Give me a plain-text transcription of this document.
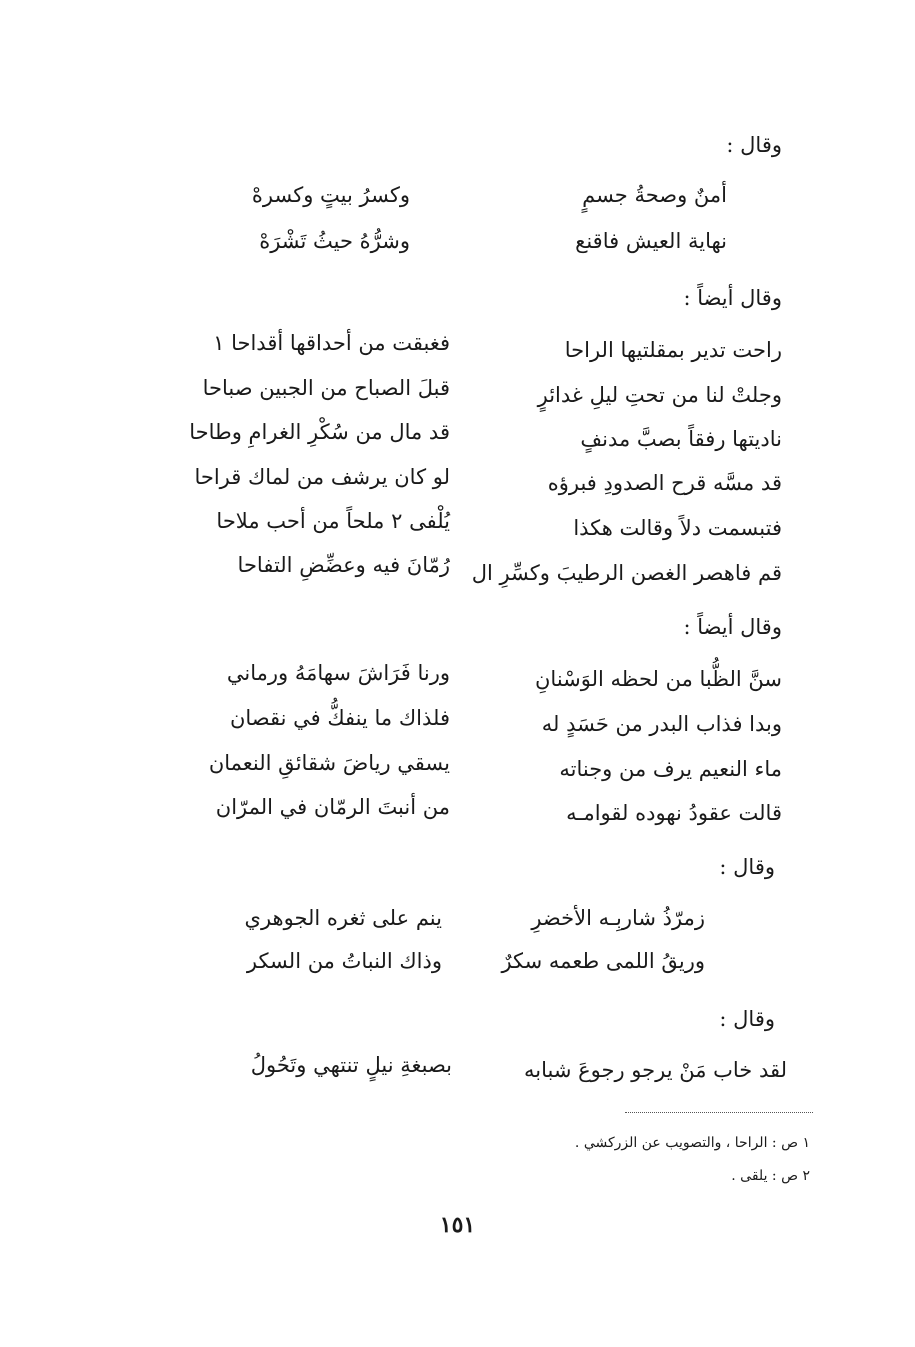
وقال :
أمنٌ وصحةُ جسمٍ
وكسرُ بيتٍ وكسرهْ
نهاية العيش فاقنع
وشرُّهُ حيثُ تَشْرَهْ
وقال أيضاً :
راحت تدير بمقلتيها الراحا
فغبقت من أحداقها أقداحا ١
وجلتْ لنا من تحتِ ليلِ غدائرٍ
قبلَ الصباح من الجبين صباحا
ناديتها رفقاً بصبَّ مدنفٍ
قد مال من سُكْرِ الغرامِ وطاحا
قد مسَّه قرح الصدودِ فبرؤه
لو كان يرشف من لماك قراحا
فتبسمت دلاً وقالت هكذا
يُلْفى ٢ ملحاً من أحب ملاحا
قم فاهصر الغصن الرطيبَ وكسِّرِ ال
رُمّانَ فيه وعضِّضِ التفاحا
وقال أيضاً :
سنَّ الظُّبا من لحظه الوَسْنانِ
ورنا فَرَاشَ سهامَهُ ورماني
وبدا فذاب البدر من حَسَدٍ له
فلذاك ما ينفكُّ في نقصان
ماء النعيم يرف من وجناته
يسقي رياضَ شقائقِ النعمان
قالت عقودُ نهوده لقوامـه
من أنبتَ الرمّان في المرّان
وقال :
زمرّذُ شاربِـه الأخضرِ
ينم على ثغره الجوهري
وريقُ اللمى طعمه سكرٌ
وذاك النباتُ من السكر
وقال :
لقد خاب مَنْ يرجو رجوعَ شبابه
بصبغةِ نيلٍ تنتهي وتَحُولُ
١ ص : الراحا ، والتصويب عن الزركشي .
٢ ص : يلقى .
١٥١
